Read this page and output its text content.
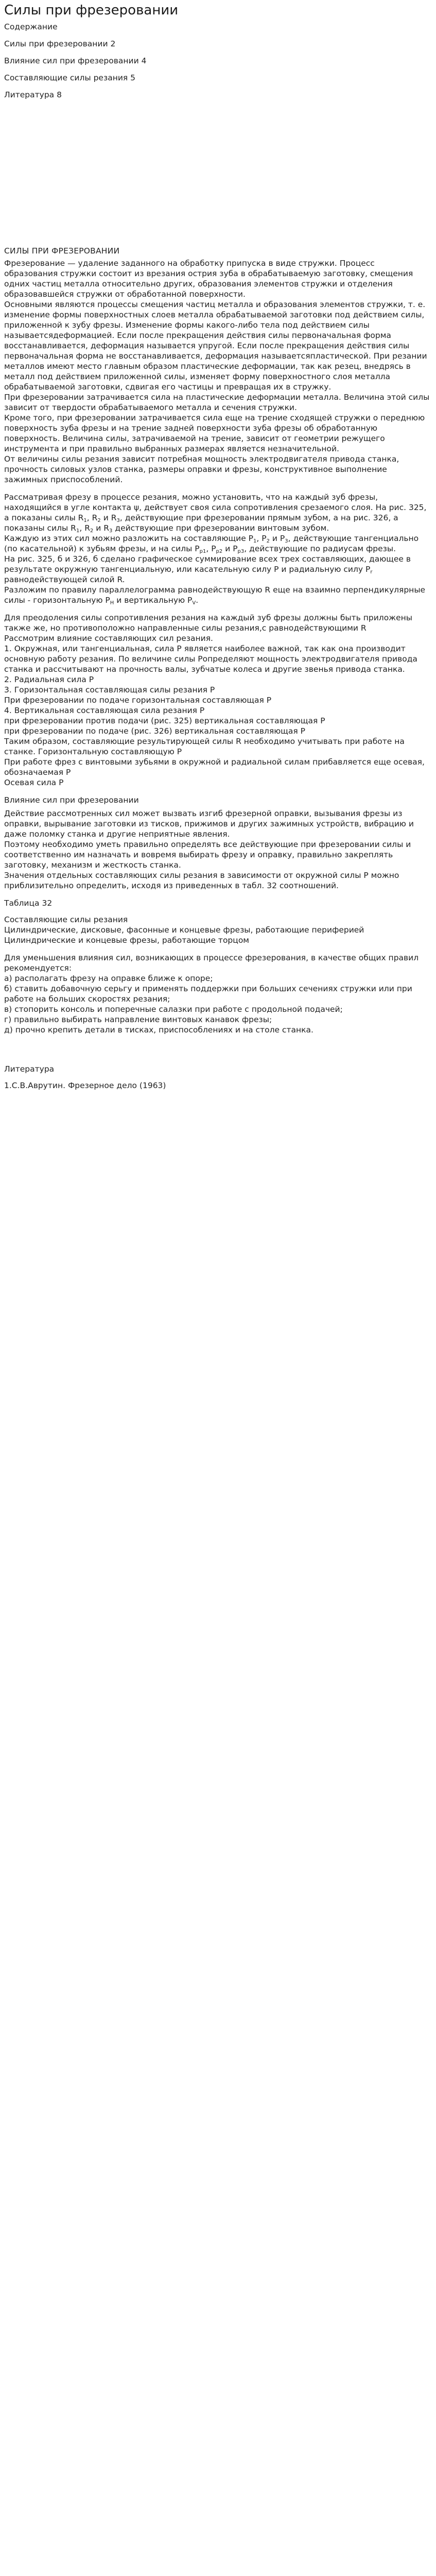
Силы при фрезеровании

Содержание

Силы при фрезеровании 2

Влияние сил при фрезеровании 4

Составляющие силы резания 5

Литература 8

СИЛЫ ПРИ ФРЕЗЕРОВАНИИ

Фрезерование — удаление заданного на обработку припуска в виде стружки. Процесс образования стружки состоит из врезания острия зуба в обрабатываемую заготовку, смещения одних частиц металла относительно других, образования элементов стружки и отделения образовавшейся стружки от обработанной поверхности.

Основными являются процессы смещения частиц металла и образования элементов стружки, т. е. изменение формы поверхностных слоев металла обрабатываемой заготовки под действием силы, приложенной к зубу фрезы. Изменение формы какого-либо тела под действием силы называетсядеформацией. Если после прекращения действия силы первоначальная форма восстанавливается, деформация называется упругой. Если после прекращения действия силы первоначальная форма не восстанавливается, деформация называетсяпластической. При резании металлов имеют место главным образом пластические деформации, так как резец, внедрясь в металл под действием приложенной силы, изменяет форму поверхностного слоя металла обрабатываемой заготовки, сдвигая его частицы и превращая их в стружку.

При фрезеровании затрачивается сила на пластические деформации металла. Величина этой силы зависит от твердости обрабатываемого металла и сечения стружки.

Кроме того, при фрезеровании затрачивается сила еще на трение сходящей стружки о переднюю поверхность зуба фрезы и на трение задней поверхности зуба фрезы об обработанную поверхность. Величина силы, затрачиваемой на трение, зависит от геометрии режущего инструмента и при правильно выбранных размерах является незначительной.

От величины силы резания зависит потребная мощность электродвигателя привода станка, прочность силовых узлов станка, размеры оправки и фрезы, конструктивное выполнение зажимных приспособлений.

Рассматривая фрезу в процессе резания, можно установить, что на каждый зуб фрезы, находящийся в угле контакта ψ, действует своя сила сопротивления срезаемого слоя. На рис. 325, а показаны силы $R_1$, $R_2$ и $R_3$, действующие при фрезеровании прямым зубом, а на рис. 326, а показаны силы $R_1$, $R_2$ и $R_3$ действующие при фрезеровании винтовым зубом.

Каждую из этих сил можно разложить на составляющие $P_1$, $P_2$ и $P_3$, действующие тангенциально (по касательной) к зубьям фрезы, и на силы $P_{p1}$, $P_{p2}$ и $P_{p3}$, действующие по радиусам фрезы.

На рис. 325, б и 326, б сделано графическое суммирование всех трех составляющих, дающее в результате окружную тангенциальную, или касательную силу P и радиальную силу $P_r$ равнодействующей силой R.

Разложим по правилу параллелограмма равнодействующую R еще на взаимно перпендикулярные силы - горизонтальную $P_H$ и вертикальную $P_V$.

Для преодоления силы сопротивления резания на каждый зуб фрезы должны быть приложены также же, но противоположно направленные силы резания,с равнодействующими R

Рассмотрим влияние составляющих сил резания.

1. Окружная, или тангенциальная, сила P является наиболее важной, так как она производит основную работу резания. По величине силы Pопределяют мощность электродвигателя привода станка и рассчитывают на прочность валы, зубчатые колеса и другие звенья привода станка.

2. Радиальная сила P

3. Горизонтальная составляющая силы резания P

При фрезеровании по подаче горизонтальная составляющая P

4. Вертикальная составляющая сила резания P

при фрезеровании против подачи (рис. 325) вертикальная составляющая P

при фрезеровании по подаче (рис. 326) вертикальная составляющая P

Таким образом, составляющие результирующей силы R необходимо учитывать при работе на станке. Горизонтальную составляющую P

При работе фрез с винтовыми зубьями в окружной и радиальной силам прибавляется еще осевая, обозначаемая P

Осевая сила P

Влияние сил при фрезеровании

Действие рассмотренных сил может вызвать изгиб фрезерной оправки, вызывания фрезы из оправки, вырывание заготовки из тисков, прижимов и других зажимных устройств, вибрацию и даже поломку станка и другие неприятные явления.

Поэтому необходимо уметь правильно определять все действующие при фрезеровании силы и соответственно им назначать и вовремя выбирать фрезу и оправку, правильно закреплять заготовку, механизм и жесткость станка.

Значения отдельных составляющих силы резания в зависимости от окружной силы P можно приблизительно определить, исходя из приведенных в табл. 32 соотношений.

Таблица 32

Составляющие силы резания

Цилиндрические, дисковые, фасонные и концевые фрезы, работающие периферией

Цилиндрические и концевые фрезы, работающие торцом

Для уменьшения влияния сил, возникающих в процессе фрезерования, в качестве общих правил рекомендуется:

а) располагать фрезу на оправке ближе к опоре;

б) ставить добавочную серьгу и применять поддержки при больших сечениях стружки или при работе на больших скоростях резания;

в) стопорить консоль и поперечные салазки при работе с продольной подачей;

г) правильно выбирать направление винтовых канавок фрезы;

д) прочно крепить детали в тисках, приспособлениях и на столе станка.

Литература

1.С.В.Аврутин. Фрезерное дело (1963)
